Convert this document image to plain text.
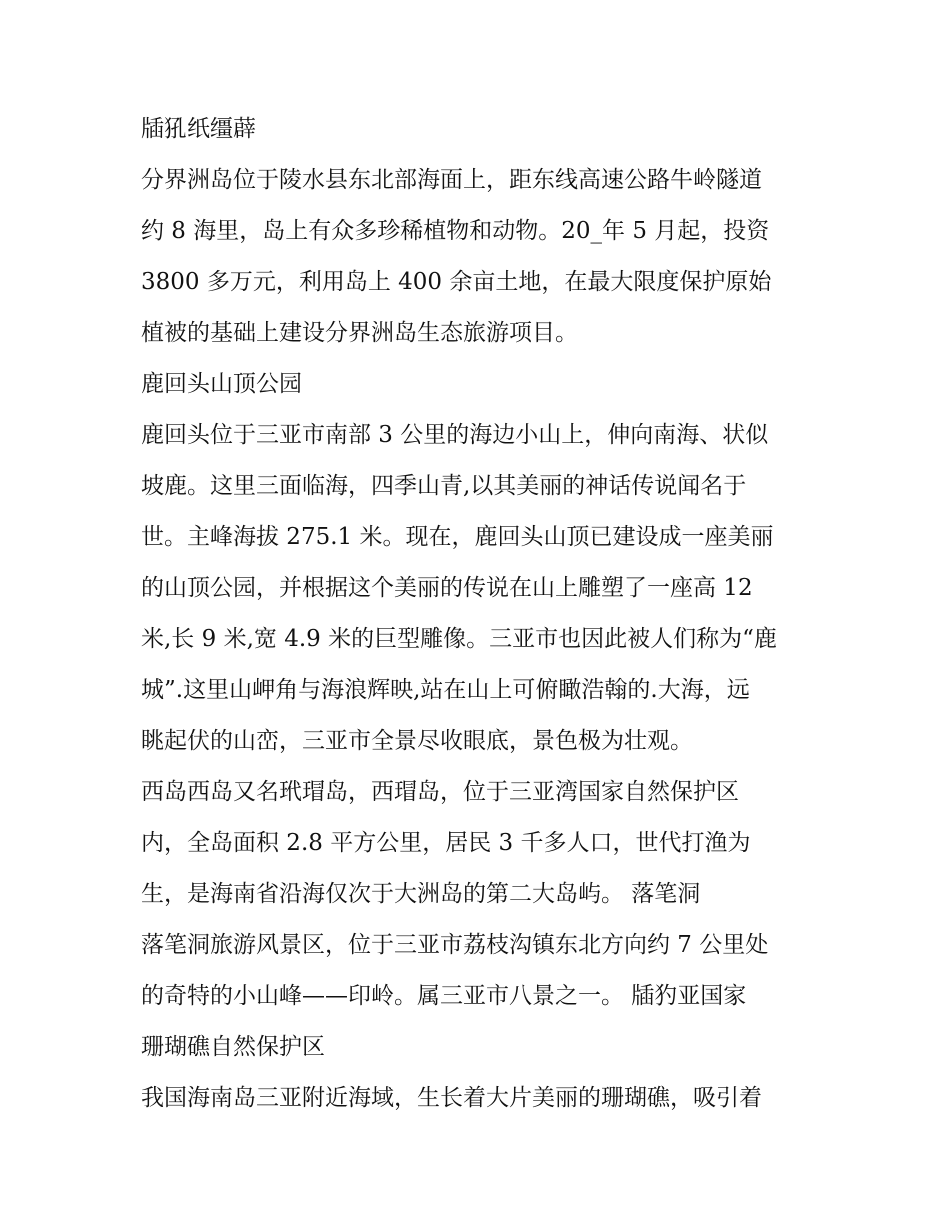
牐犼纸缰薜
分界洲岛位于陵水县东北部海面上，距东线高速公路牛岭隧道
约 8 海里，岛上有众多珍稀植物和动物。20_年 5 月起，投资
3800 多万元，利用岛上 400 余亩土地，在最大限度保护原始
植被的基础上建设分界洲岛生态旅游项目。
鹿回头山顶公园
鹿回头位于三亚市南部 3 公里的海边小山上，伸向南海、状似
坡鹿。这里三面临海，四季山青,以其美丽的神话传说闻名于
世。主峰海拔 275.1 米。现在，鹿回头山顶已建设成一座美丽
的山顶公园，并根据这个美丽的传说在山上雕塑了一座高 12
米,长 9 米,宽 4.9 米的巨型雕像。三亚市也因此被人们称为“鹿
城”.这里山岬角与海浪辉映,站在山上可俯瞰浩翰的.大海，远
眺起伏的山峦，三亚市全景尽收眼底，景色极为壮观。
西岛西岛又名玳瑁岛，西瑁岛，位于三亚湾国家自然保护区
内，全岛面积 2.8 平方公里，居民 3 千多人口，世代打渔为
生，是海南省沿海仅次于大洲岛的第二大岛屿。 落笔洞
落笔洞旅游风景区，位于三亚市荔枝沟镇东北方向约 7 公里处
的奇特的小山峰——印岭。属三亚市八景之一。 牐犳亚国家
珊瑚礁自然保护区
我国海南岛三亚附近海域，生长着大片美丽的珊瑚礁，吸引着
